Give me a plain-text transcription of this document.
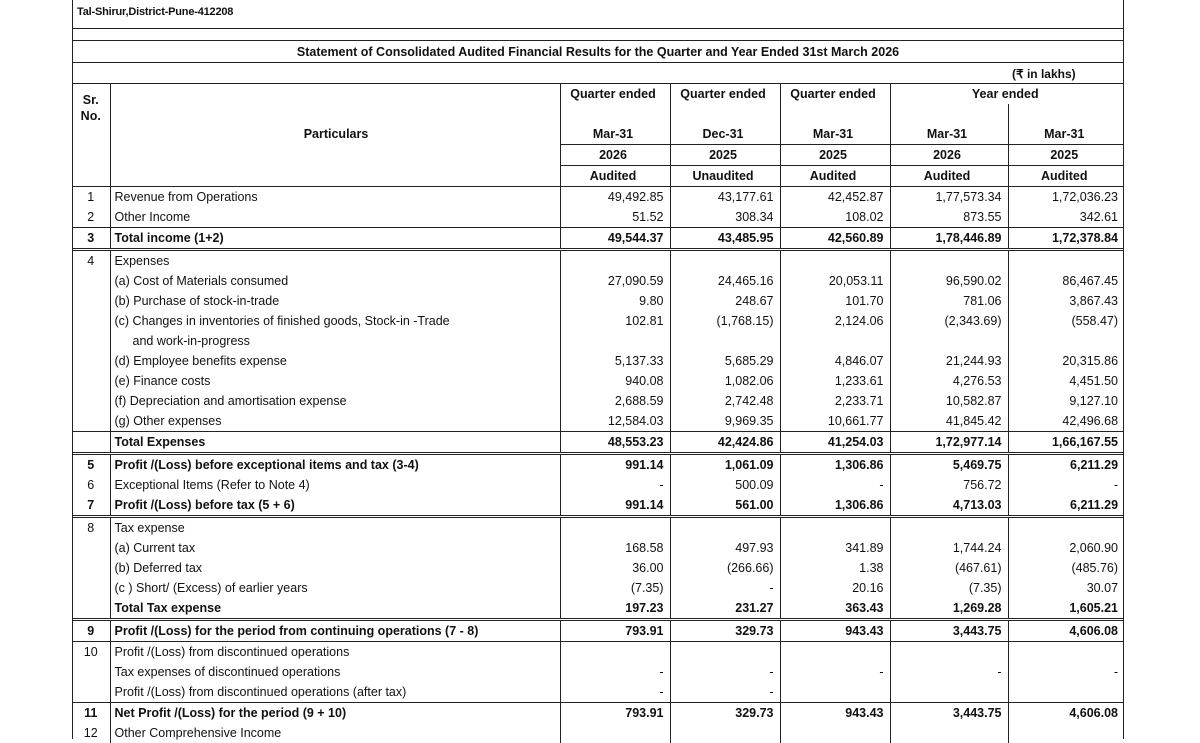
Tal-Shirur,District-Pune-412208
Statement of Consolidated Audited Financial Results for the Quarter and Year Ended 31st March 2026
(₹ in lakhs)
Sr.
No.	Particulars	Quarter ended	Quarter ended	Quarter ended	Year ended	

		Mar-31	Dec-31	Mar-31	Mar-31	Mar-31
		2026	2025	2025	2026	2025
		Audited	Unaudited	Audited	Audited	Audited
1	Revenue from Operations	49,492.85	43,177.61	42,452.87	1,77,573.34	1,72,036.23
2	Other Income	51.52	308.34	108.02	873.55	342.61
3	Total income (1+2)	49,544.37	43,485.95	42,560.89	1,78,446.89	1,72,378.84
4	Expenses					
	(a) Cost of Materials consumed	27,090.59	24,465.16	20,053.11	96,590.02	86,467.45
	(b) Purchase of stock-in-trade	9.80	248.67	101.70	781.06	3,867.43
	(c) Changes in inventories of finished goods, Stock-in -Trade	102.81	(1,768.15)	2,124.06	(2,343.69)	(558.47)
	and work-in-progress					
	(d) Employee benefits expense	5,137.33	5,685.29	4,846.07	21,244.93	20,315.86
	(e) Finance costs	940.08	1,082.06	1,233.61	4,276.53	4,451.50
	(f) Depreciation and amortisation expense	2,688.59	2,742.48	2,233.71	10,582.87	9,127.10
	(g) Other expenses	12,584.03	9,969.35	10,661.77	41,845.42	42,496.68
	Total Expenses	48,553.23	42,424.86	41,254.03	1,72,977.14	1,66,167.55
5	Profit /(Loss) before exceptional items and tax (3-4)	991.14	1,061.09	1,306.86	5,469.75	6,211.29
6	Exceptional Items (Refer to Note 4)	-	500.09	-	756.72	-
7	Profit /(Loss) before tax (5 + 6)	991.14	561.00	1,306.86	4,713.03	6,211.29
8	Tax expense					
	(a) Current tax	168.58	497.93	341.89	1,744.24	2,060.90
	(b) Deferred tax	36.00	(266.66)	1.38	(467.61)	(485.76)
	(c ) Short/ (Excess) of earlier years	(7.35)	-	20.16	(7.35)	30.07
	Total Tax expense	197.23	231.27	363.43	1,269.28	1,605.21
9	Profit /(Loss) for the period from continuing operations (7 - 8)	793.91	329.73	943.43	3,443.75	4,606.08
10	Profit /(Loss) from discontinued operations					
	Tax expenses of discontinued operations	-	-	-	-	-
	Profit /(Loss) from discontinued operations (after tax)	-	-			
11	Net Profit /(Loss) for the period (9 + 10)	793.91	329.73	943.43	3,443.75	4,606.08
12	Other Comprehensive Income					
